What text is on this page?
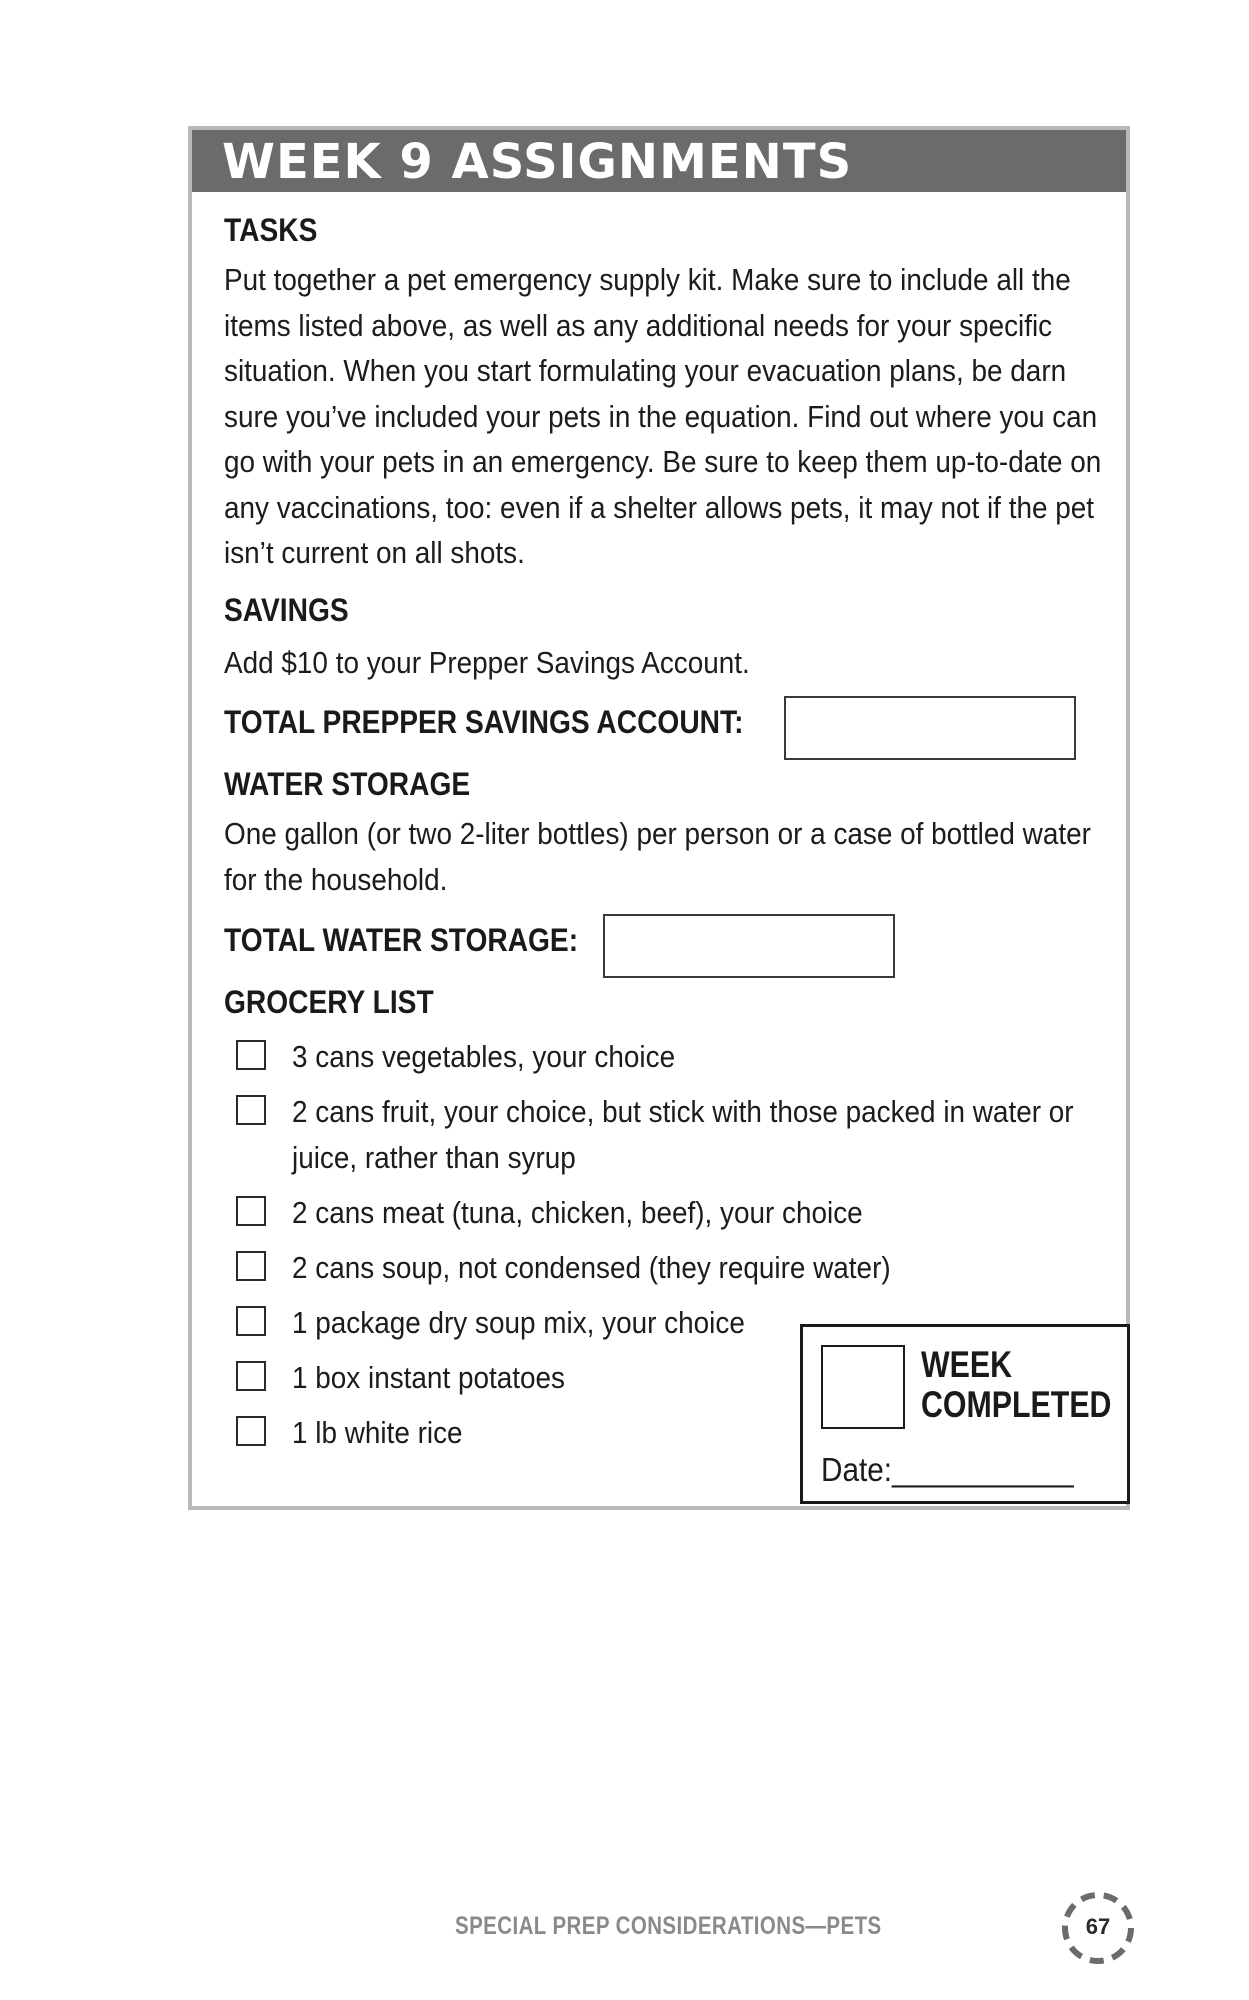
WEEK 9 ASSIGNMENTS
TASKS
Put together a pet emergency supply kit. Make sure to include all the items listed above, as well as any additional needs for your specific situation. When you start formulating your evacuation plans, be darn sure you’ve included your pets in the equation. Find out where you can go with your pets in an emergency. Be sure to keep them up-to-date on any vaccinations, too: even if a shelter allows pets, it may not if the pet isn’t current on all shots.
SAVINGS
Add $10 to your Prepper Savings Account.
TOTAL PREPPER SAVINGS ACCOUNT:
WATER STORAGE
One gallon (or two 2-liter bottles) per person or a case of bottled water for the household.
TOTAL WATER STORAGE:
GROCERY LIST
3 cans vegetables, your choice
2 cans fruit, your choice, but stick with those packed in water or juice, rather than syrup
2 cans meat (tuna, chicken, beef), your choice
2 cans soup, not condensed (they require water)
1 package dry soup mix, your choice
1 box instant potatoes
1 lb white rice
WEEK
COMPLETED
Date:___________
SPECIAL PREP CONSIDERATIONS—PETS	67
